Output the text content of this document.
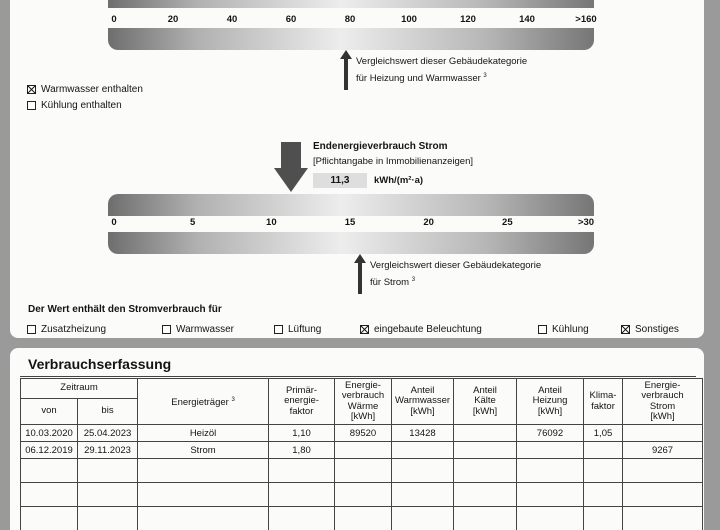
0	20	40	60	80	100	120	140	>160
Vergleichswert dieser Gebäudekategorie
für Heizung und Warmwasser $^3$
Warmwasser enthalten
Kühlung enthalten
Endenergieverbrauch Strom
[Pflichtangabe in Immobilienanzeigen]
11,3	kWh/(m²·a)
0	5	10	15	20	25	>30
Vergleichswert dieser Gebäudekategorie
für Strom $^3$
Der Wert enthält den Stromverbrauch für
Zusatzheizung	Warmwasser	Lüftung	eingebaute Beleuchtung	Kühlung	Sonstiges
Verbrauchserfassung
Zeitraum		Energieträger $^3$	Primär-
energie-
faktor	Energie-
verbrauch
Wärme
[kWh]	Anteil
Warmwasser
[kWh]	Anteil
Kälte
[kWh]	Anteil
Heizung
[kWh]	Klima-
faktor	Energie-
verbrauch
Strom
[kWh]
von	bis								
10.03.2020	25.04.2023	Heizöl	1,10	89520	13428		76092	1,05	
06.12.2019	29.11.2023	Strom	1,80						9267
